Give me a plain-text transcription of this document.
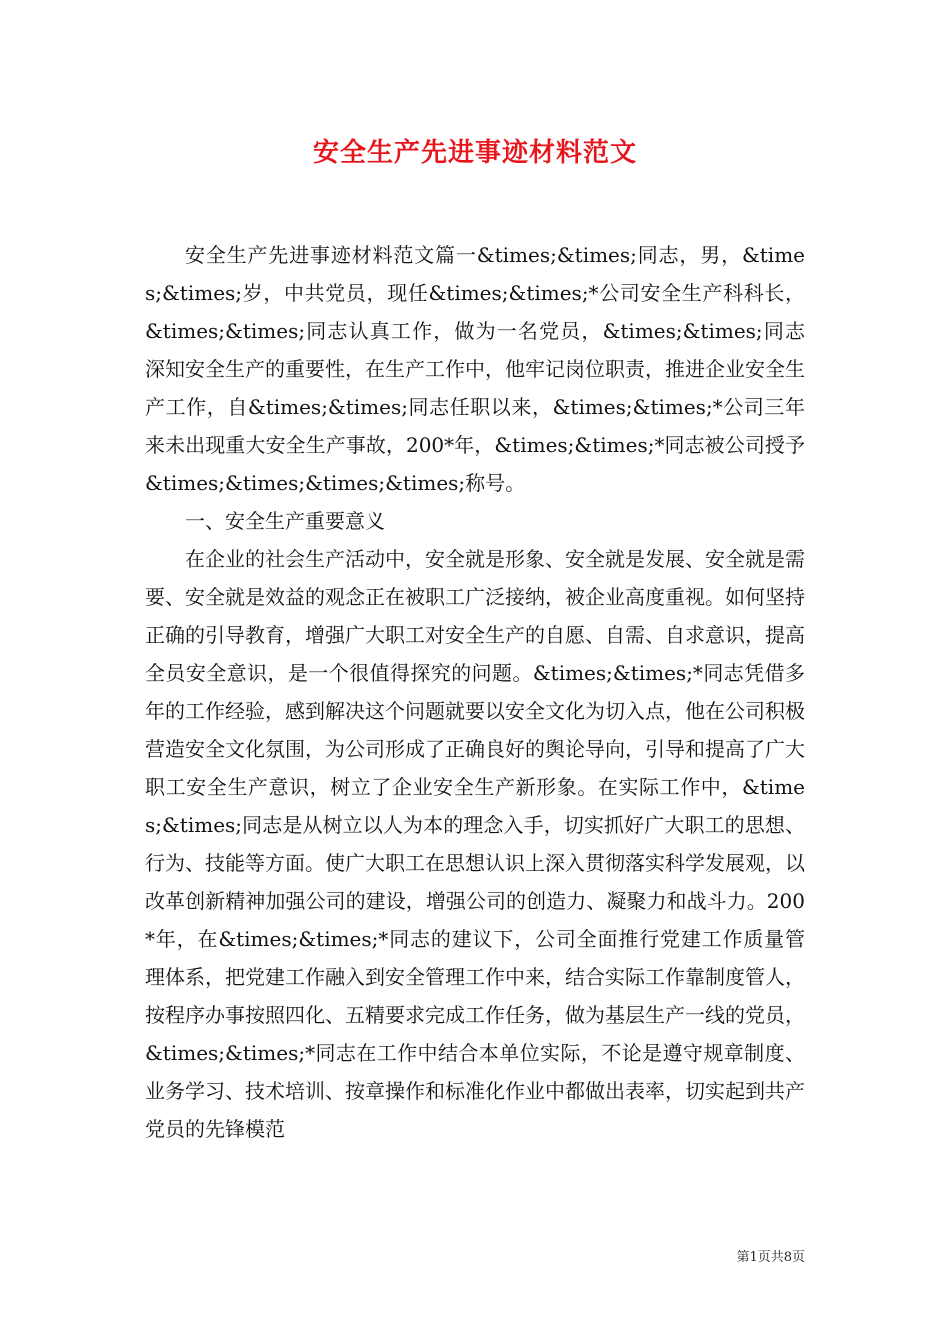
安全生产先进事迹材料范文

安全生产先进事迹材料范文篇一&times;&times;同志，男，&times;&times;岁，中共党员，现任&times;&times;*公司安全生产科科长，&times;&times;同志认真工作，做为一名党员，&times;&times;同志深知安全生产的重要性，在生产工作中，他牢记岗位职责，推进企业安全生产工作，自&times;&times;同志任职以来，&times;&times;*公司三年来未出现重大安全生产事故，200*年，&times;&times;*同志被公司授予&times;&times;&times;&times;称号。

一、安全生产重要意义

在企业的社会生产活动中，安全就是形象、安全就是发展、安全就是需要、安全就是效益的观念正在被职工广泛接纳，被企业高度重视。如何坚持正确的引导教育，增强广大职工对安全生产的自愿、自需、自求意识，提高全员安全意识，是一个很值得探究的问题。&times;&times;*同志凭借多年的工作经验，感到解决这个问题就要以安全文化为切入点，他在公司积极营造安全文化氛围，为公司形成了正确良好的舆论导向，引导和提高了广大职工安全生产意识，树立了企业安全生产新形象。在实际工作中，&times;&times;同志是从树立以人为本的理念入手，切实抓好广大职工的思想、行为、技能等方面。使广大职工在思想认识上深入贯彻落实科学发展观，以改革创新精神加强公司的建设，增强公司的创造力、凝聚力和战斗力。200*年，在&times;&times;*同志的建议下，公司全面推行党建工作质量管理体系，把党建工作融入到安全管理工作中来，结合实际工作靠制度管人，按程序办事按照四化、五精要求完成工作任务，做为基层生产一线的党员，&times;&times;*同志在工作中结合本单位实际，不论是遵守规章制度、业务学习、技术培训、按章操作和标准化作业中都做出表率，切实起到共产党员的先锋模范

第1页共8页
